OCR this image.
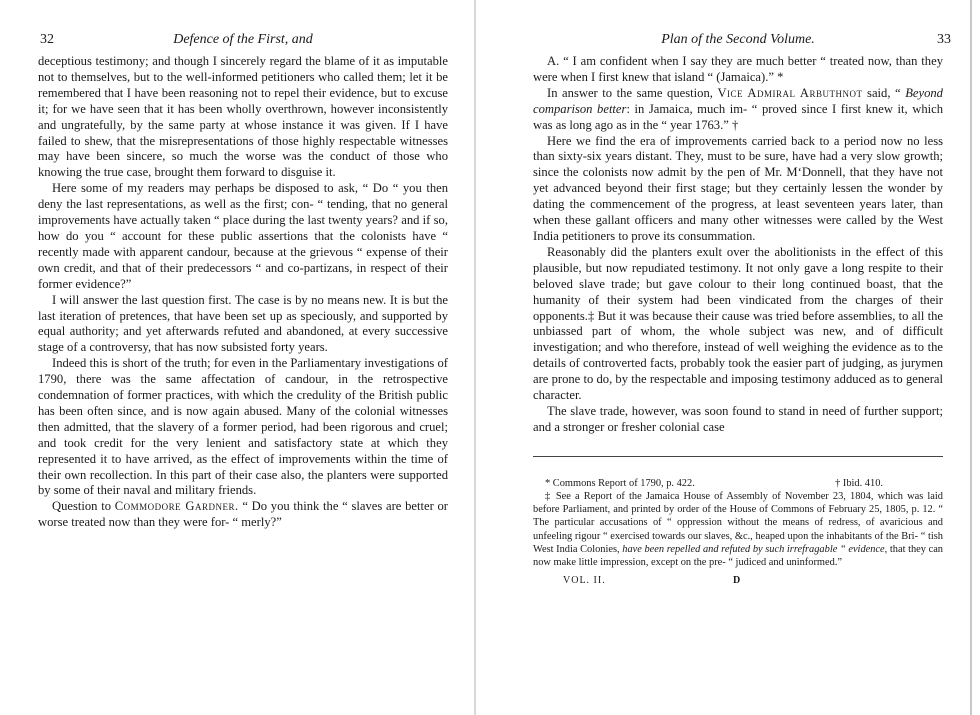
Defence of the First, and
32

deceptious testimony; and though I sincerely regard the blame of it as imputable not to themselves, but to the well-informed petitioners who called them; let it be remembered that I have been reasoning not to repel their evidence, but to excuse it; for we have seen that it has been wholly overthrown, however inconsistently and ungratefully, by the same party at whose instance it was given. If I have failed to shew, that the misrepresentations of those highly respectable witnesses may have been sincere, so much the worse was the conduct of those who knowing the true case, brought them forward to disguise it.

Here some of my readers may perhaps be disposed to ask, “ Do “ you then deny the last representations, as well as the first; con- “ tending, that no general improvements have actually taken “ place during the last twenty years? and if so, how do you “ account for these public assertions that the colonists have “ recently made with apparent candour, because at the grievous “ expense of their own credit, and that of their predecessors “ and co-partizans, in respect of their former evidence?”

I will answer the last question first. The case is by no means new. It is but the last iteration of pretences, that have been set up as speciously, and supported by equal authority; and yet afterwards refuted and abandoned, at every successive stage of a controversy, that has now subsisted forty years.

Indeed this is short of the truth; for even in the Parliamentary investigations of 1790, there was the same affectation of candour, in the retrospective condemnation of former practices, with which the credulity of the British public has been often since, and is now again abused. Many of the colonial witnesses then admitted, that the slavery of a former period, had been rigorous and cruel; and took credit for the very lenient and satisfactory state at which they represented it to have arrived, as the effect of improvements within the time of their own recollection. In this part of their case also, the planters were supported by some of their naval and military friends.

Question to Commodore Gardner. “ Do you think the “ slaves are better or worse treated now than they were for- “ merly?”

Plan of the Second Volume.	33

A. “ I am confident when I say they are much better “ treated now, than they were when I first knew that island “ (Jamaica).” *

In answer to the same question, Vice Admiral Arbuthnot said, “ Beyond comparison better: in Jamaica, much im- “ proved since I first knew it, which was as long ago as in the “ year 1763.” †

Here we find the era of improvements carried back to a period now no less than sixty-six years distant. They, must to be sure, have had a very slow growth; since the colonists now admit by the pen of Mr. M‘Donnell, that they have not yet advanced beyond their first stage; but they certainly lessen the wonder by dating the commencement of the progress, at least seventeen years later, than when these gallant officers and many other witnesses were called by the West India petitioners to prove its consummation.

Reasonably did the planters exult over the abolitionists in the effect of this plausible, but now repudiated testimony. It not only gave a long respite to their beloved slave trade; but gave colour to their long continued boast, that the humanity of their system had been vindicated from the charges of their opponents.‡ But it was because their cause was tried before assemblies, to all the unbiassed part of whom, the whole subject was new, and of difficult investigation; and who therefore, instead of well weighing the evidence as to the details of controverted facts, probably took the easier part of judging, as jurymen are prone to do, by the respectable and imposing testimony adduced as to general character.

The slave trade, however, was soon found to stand in need of further support; and a stronger or fresher colonial case

* Commons Report of 1790, p. 422.	† Ibid. 410.

‡ See a Report of the Jamaica House of Assembly of November 23, 1804, which was laid before Parliament, and printed by order of the House of Commons of February 25, 1805, p. 12. “ The particular accusations of “ oppression without the means of redress, of avaricious and unfeeling rigour “ exercised towards our slaves, &c., heaped upon the inhabitants of the Bri- “ tish West India Colonies, have been repelled and refuted by such irrefragable “ evidence, that they can now make little impression, except on the pre- “ judiced and uninformed.”

VOL. II.	D
